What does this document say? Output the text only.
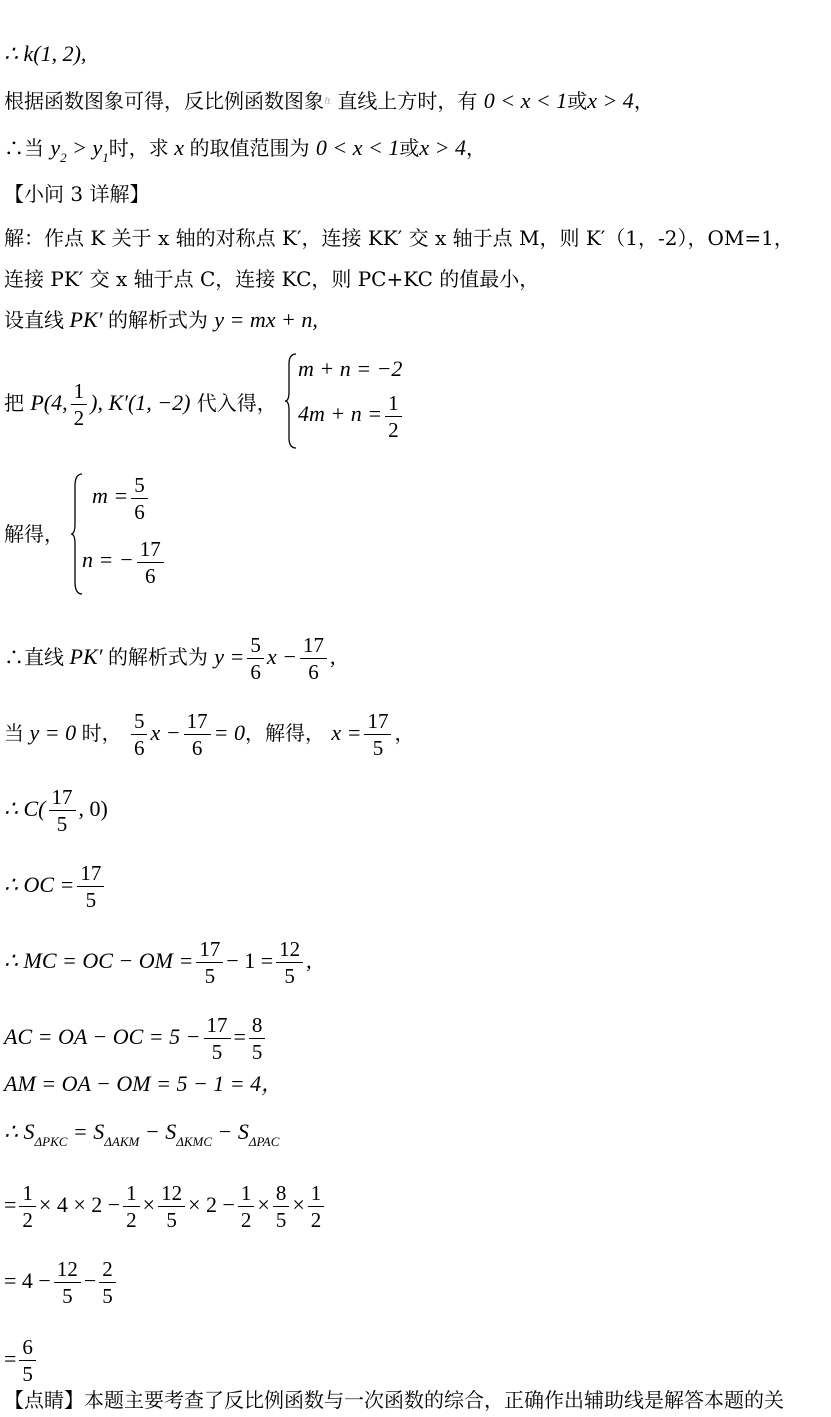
∴ k(1, 2),
根据函数图象可得，反比例函数图象$^在$ 直线上方时，有 0 < x < 1或x > 4，
∴当 $y_2 > y_1$时，求 x 的取值范围为 0 < x < 1或x > 4，
【小问 3 详解】
解：作点 K 关于 x 轴的对称点 K′，连接 KK′ 交 x 轴于点 M，则 K′（1，-2），OM=1，
连接 PK′ 交 x 轴于点 C，连接 KC，则 PC+KC 的值最小，
设直线 PK′ 的解析式为 y = mx + n,
把 P(4, $\frac{1}{2}$ ), K′(1, −2) 代入得，
m + n = −2
$4m + n = \frac{1}{2}$
解得，
$m = \frac{5}{6}$
n = − $\frac{17}{6}$
∴直线 PK′ 的解析式为 $y = \frac{5}{6}$ $x - \frac{17}{6}$ ,
当 y = 0 时， $\frac{5}{6}$ $x - \frac{17}{6} = 0$，解得， $x = \frac{17}{5}$ ，
∴ $C( \frac{17}{5}$ , 0)
∴ OC = $\frac{17}{5}$
∴ MC = OC − OM = $\frac{17}{5} - 1 = \frac{12}{5}$ ,
AC = OA − OC = $5 - \frac{17}{5} = \frac{8}{5}$
AM = OA − OM = 5 − 1 = 4，
∴ $S_{\Delta PKC} = S_{\Delta AKM} - S_{\Delta KMC} - S_{\Delta PAC}$
= $\frac{1}{2} \times 4 \times 2 - \frac{1}{2} \times \frac{12}{5} \times 2 - \frac{1}{2} \times \frac{8}{5} \times \frac{1}{2}$
= $4 - \frac{12}{5} - \frac{2}{5}$
= $\frac{6}{5}$
【点睛】本题主要考查了反比例函数与一次函数的综合，正确作出辅助线是解答本题的关
